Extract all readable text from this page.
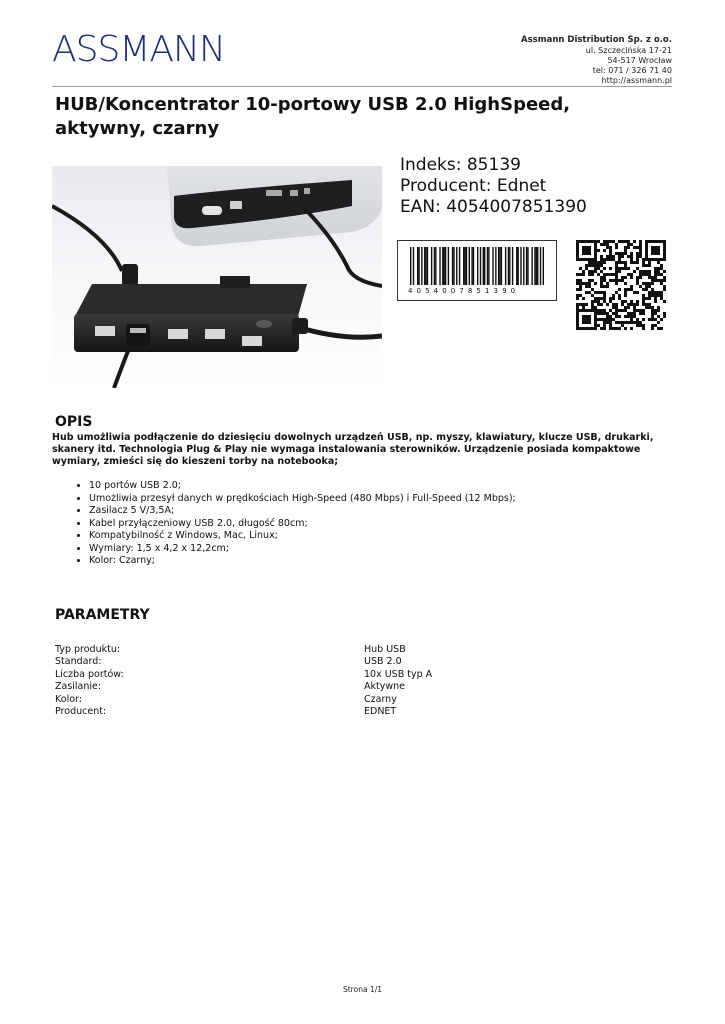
ASSMANN	Assmann Distribution Sp. z o.o.
ul. Szczecińska 17-21
54-517 Wrocław
tel: 071 / 326 71 40
http://assmann.pl
HUB/Koncentrator 10-portowy USB 2.0 HighSpeed,
aktywny, czarny
Indeks: 85139
Producent: Ednet
EAN: 4054007851390
4054007851390
OPIS
Hub umożliwia podłączenie do dziesięciu dowolnych urządzeń USB, np. myszy, klawiatury, klucze USB, drukarki, skanery itd. Technologia Plug & Play nie wymaga instalowania sterowników. Urządzenie posiada kompaktowe wymiary, zmieści się do kieszeni torby na notebooka;
• 10 portów USB 2.0;
• Umożliwia przesył danych w prędkościach High-Speed (480 Mbps) i Full-Speed (12 Mbps);
• Zasilacz 5 V/3,5A;
• Kabel przyłączeniowy USB 2.0, długość 80cm;
• Kompatybilność z Windows, Mac, Linux;
• Wymiary: 1,5 x 4,2 x 12,2cm;
• Kolor: Czarny;
PARAMETRY
Typ produktu:	Hub USB
Standard:	USB 2.0
Liczba portów:	10x USB typ A
Zasilanie:	Aktywne
Kolor:	Czarny
Producent:	EDNET
Strona 1/1
